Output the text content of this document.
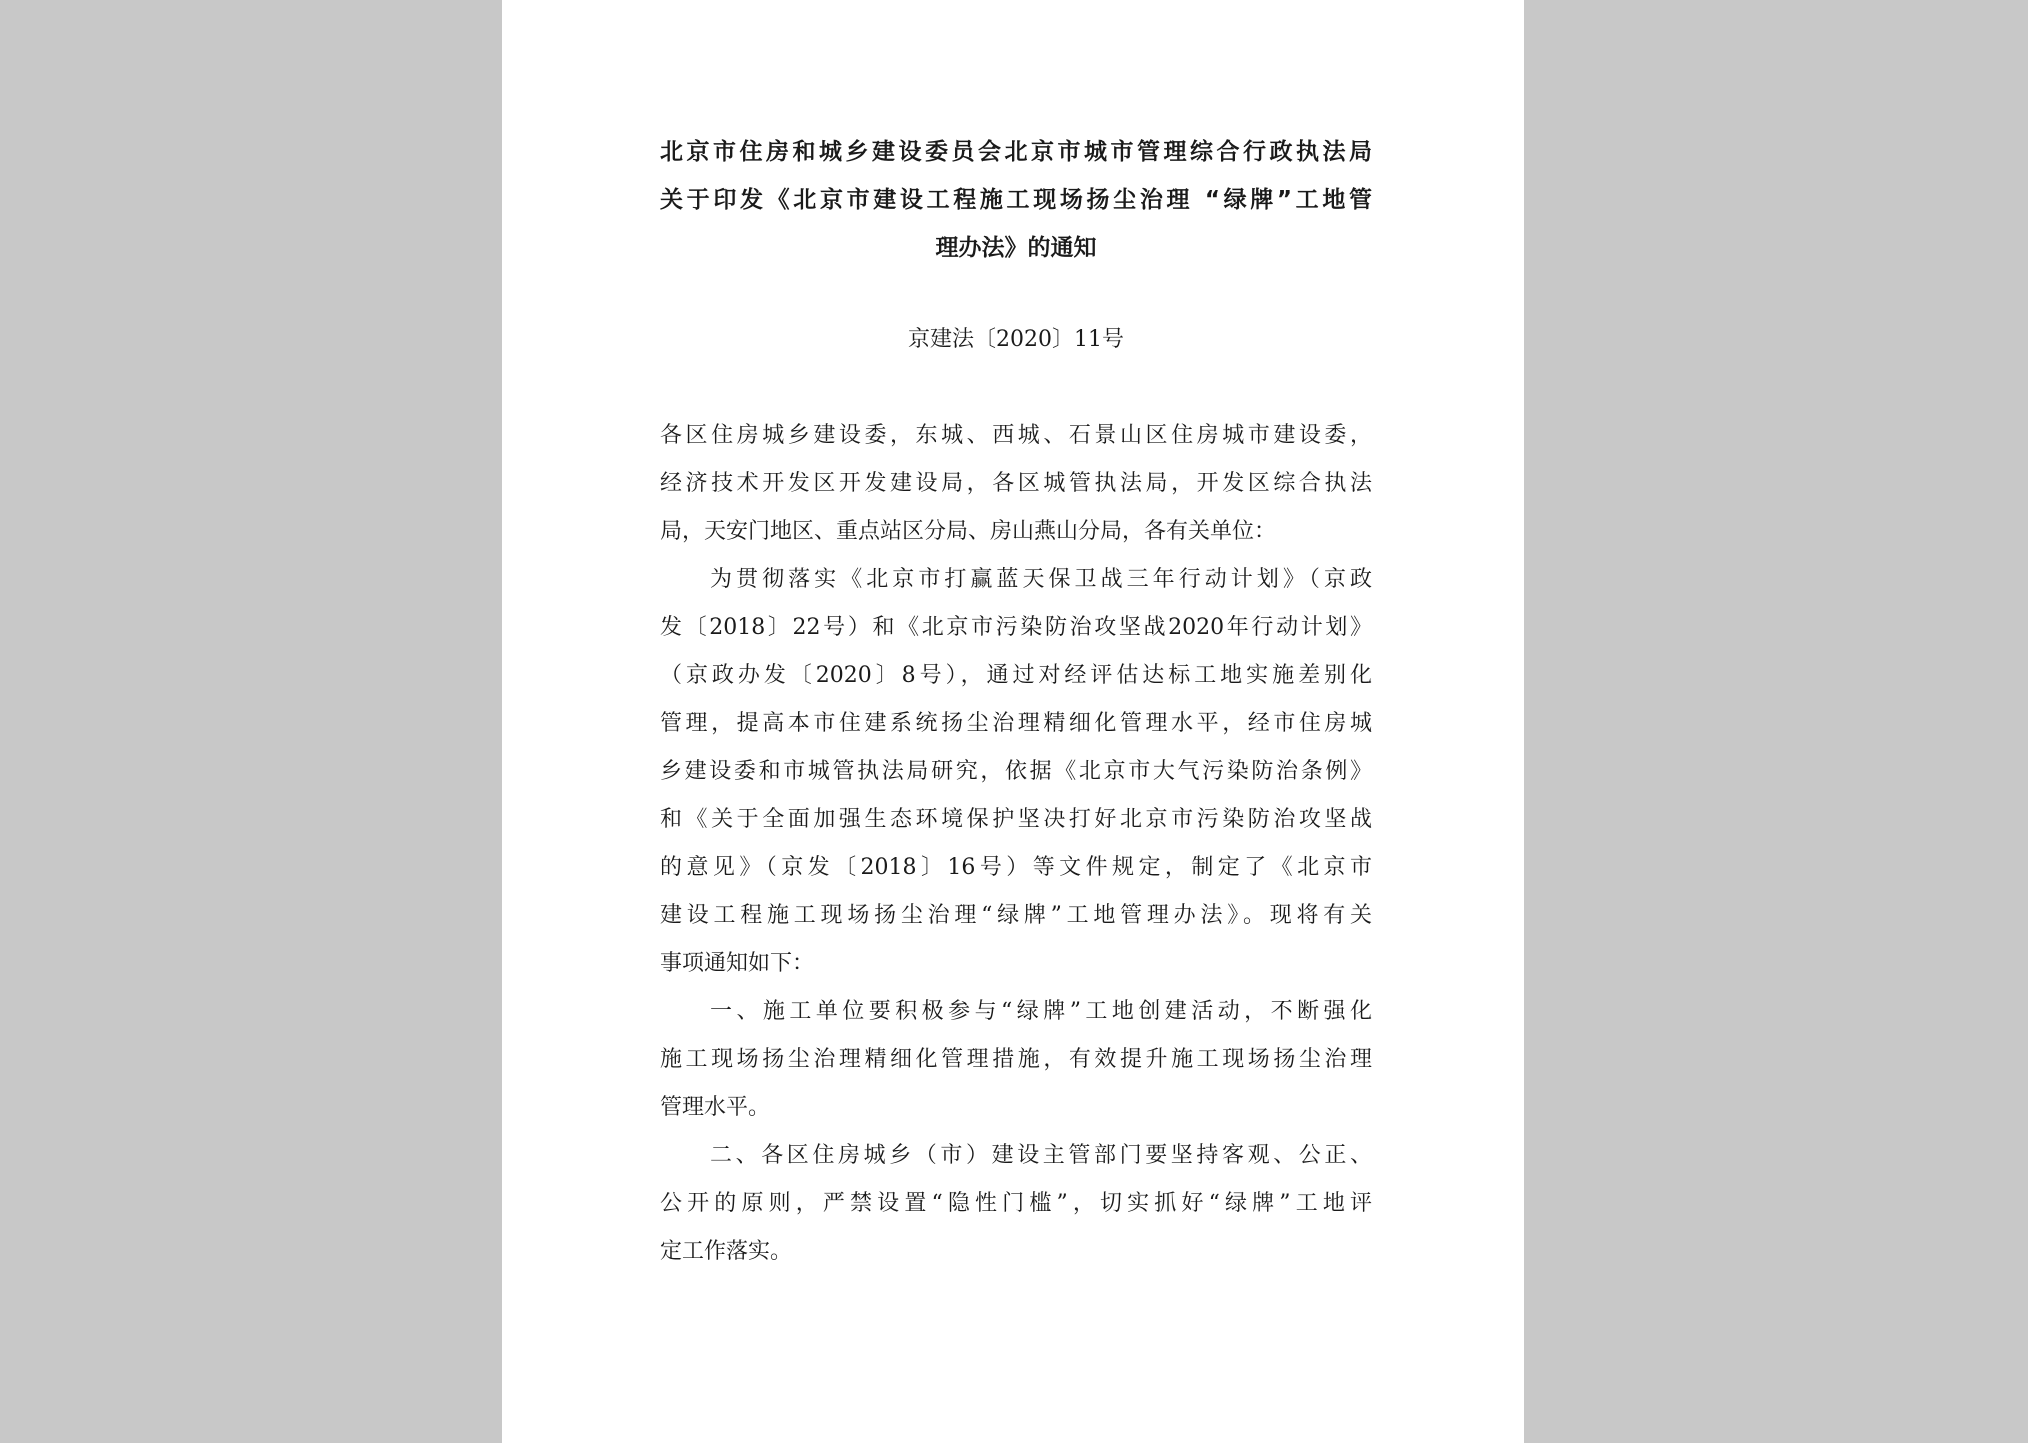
北京市住房和城乡建设委员会北京市城市管理综合行政执法局
关于印发《北京市建设工程施工现场扬尘治理 “绿牌”工地管
理办法》的通知
京建法〔2020〕11号

各区住房城乡建设委，东城、西城、石景山区住房城市建设委，
经济技术开发区开发建设局，各区城管执法局，开发区综合执法
局，天安门地区、重点站区分局、房山燕山分局，各有关单位：

为贯彻落实《北京市打赢蓝天保卫战三年行动计划》（京政
发〔2018〕22号）和《北京市污染防治攻坚战2020年行动计划》
（京政办发〔2020〕8号），通过对经评估达标工地实施差别化
管理，提高本市住建系统扬尘治理精细化管理水平，经市住房城
乡建设委和市城管执法局研究，依据《北京市大气污染防治条例》
和《关于全面加强生态环境保护坚决打好北京市污染防治攻坚战
的意见》（京发〔2018〕16号）等文件规定，制定了《北京市
建设工程施工现场扬尘治理“绿牌”工地管理办法》。现将有关
事项通知如下：

一、施工单位要积极参与“绿牌”工地创建活动，不断强化
施工现场扬尘治理精细化管理措施，有效提升施工现场扬尘治理
管理水平。

二、各区住房城乡（市）建设主管部门要坚持客观、公正、
公开的原则，严禁设置“隐性门槛”，切实抓好“绿牌”工地评
定工作落实。
